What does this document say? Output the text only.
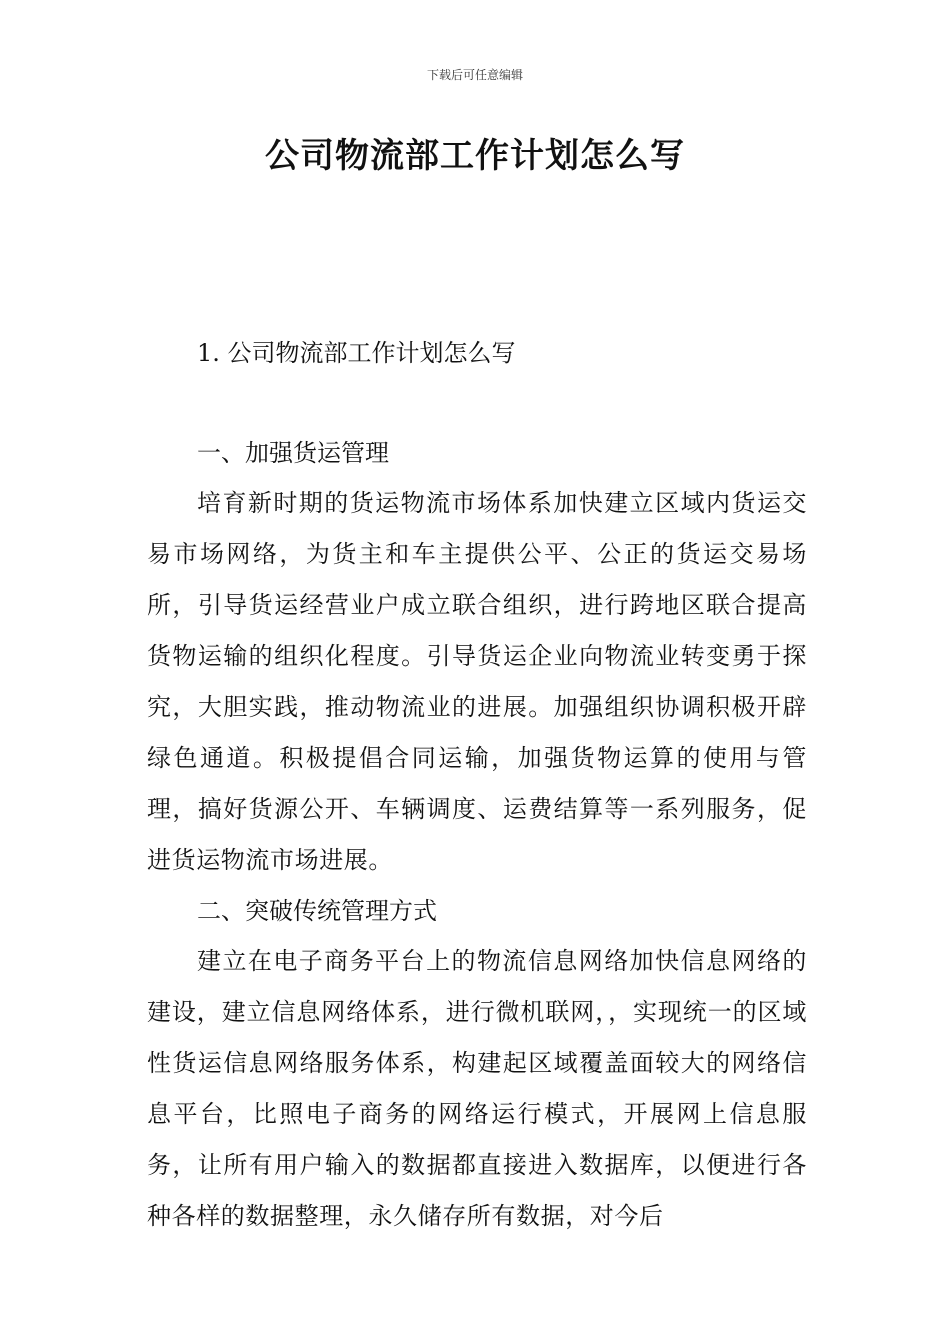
下载后可任意编辑
公司物流部工作计划怎么写

1. 公司物流部工作计划怎么写

一、加强货运管理

培育新时期的货运物流市场体系加快建立区域内货运交易市场网络，为货主和车主提供公平、公正的货运交易场所，引导货运经营业户成立联合组织，进行跨地区联合提高货物运输的组织化程度。引导货运企业向物流业转变勇于探究，大胆实践，推动物流业的进展。加强组织协调积极开辟绿色通道。积极提倡合同运输，加强货物运算的使用与管理，搞好货源公开、车辆调度、运费结算等一系列服务，促进货运物流市场进展。

二、突破传统管理方式

建立在电子商务平台上的物流信息网络加快信息网络的建设，建立信息网络体系，进行微机联网，，实现统一的区域性货运信息网络服务体系，构建起区域覆盖面较大的网络信息平台，比照电子商务的网络运行模式，开展网上信息服务，让所有用户输入的数据都直接进入数据库，以便进行各种各样的数据整理，永久储存所有数据，对今后
